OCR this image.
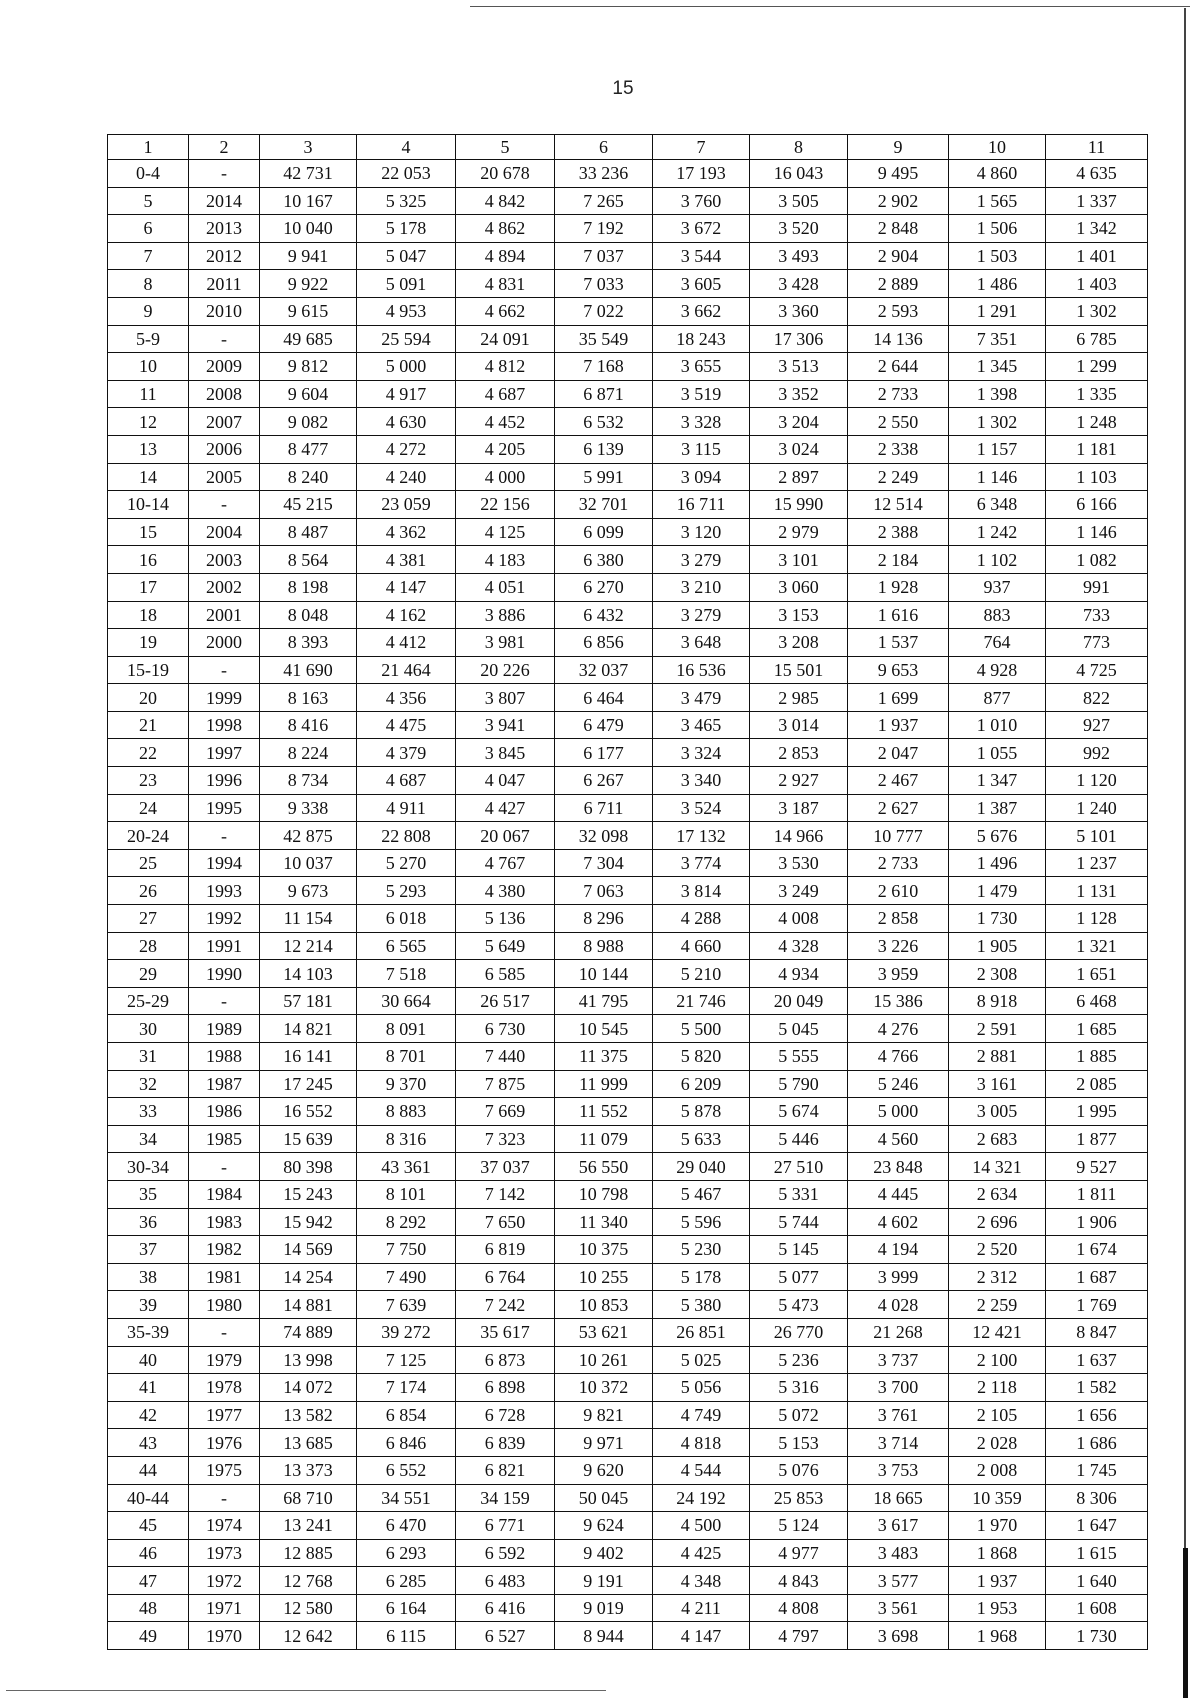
15
1	2	3	4	5	6	7	8	9	10	11
0-4	-	42 731	22 053	20 678	33 236	17 193	16 043	9 495	4 860	4 635
5	2014	10 167	5 325	4 842	7 265	3 760	3 505	2 902	1 565	1 337
6	2013	10 040	5 178	4 862	7 192	3 672	3 520	2 848	1 506	1 342
7	2012	9 941	5 047	4 894	7 037	3 544	3 493	2 904	1 503	1 401
8	2011	9 922	5 091	4 831	7 033	3 605	3 428	2 889	1 486	1 403
9	2010	9 615	4 953	4 662	7 022	3 662	3 360	2 593	1 291	1 302
5-9	-	49 685	25 594	24 091	35 549	18 243	17 306	14 136	7 351	6 785
10	2009	9 812	5 000	4 812	7 168	3 655	3 513	2 644	1 345	1 299
11	2008	9 604	4 917	4 687	6 871	3 519	3 352	2 733	1 398	1 335
12	2007	9 082	4 630	4 452	6 532	3 328	3 204	2 550	1 302	1 248
13	2006	8 477	4 272	4 205	6 139	3 115	3 024	2 338	1 157	1 181
14	2005	8 240	4 240	4 000	5 991	3 094	2 897	2 249	1 146	1 103
10-14	-	45 215	23 059	22 156	32 701	16 711	15 990	12 514	6 348	6 166
15	2004	8 487	4 362	4 125	6 099	3 120	2 979	2 388	1 242	1 146
16	2003	8 564	4 381	4 183	6 380	3 279	3 101	2 184	1 102	1 082
17	2002	8 198	4 147	4 051	6 270	3 210	3 060	1 928	937	991
18	2001	8 048	4 162	3 886	6 432	3 279	3 153	1 616	883	733
19	2000	8 393	4 412	3 981	6 856	3 648	3 208	1 537	764	773
15-19	-	41 690	21 464	20 226	32 037	16 536	15 501	9 653	4 928	4 725
20	1999	8 163	4 356	3 807	6 464	3 479	2 985	1 699	877	822
21	1998	8 416	4 475	3 941	6 479	3 465	3 014	1 937	1 010	927
22	1997	8 224	4 379	3 845	6 177	3 324	2 853	2 047	1 055	992
23	1996	8 734	4 687	4 047	6 267	3 340	2 927	2 467	1 347	1 120
24	1995	9 338	4 911	4 427	6 711	3 524	3 187	2 627	1 387	1 240
20-24	-	42 875	22 808	20 067	32 098	17 132	14 966	10 777	5 676	5 101
25	1994	10 037	5 270	4 767	7 304	3 774	3 530	2 733	1 496	1 237
26	1993	9 673	5 293	4 380	7 063	3 814	3 249	2 610	1 479	1 131
27	1992	11 154	6 018	5 136	8 296	4 288	4 008	2 858	1 730	1 128
28	1991	12 214	6 565	5 649	8 988	4 660	4 328	3 226	1 905	1 321
29	1990	14 103	7 518	6 585	10 144	5 210	4 934	3 959	2 308	1 651
25-29	-	57 181	30 664	26 517	41 795	21 746	20 049	15 386	8 918	6 468
30	1989	14 821	8 091	6 730	10 545	5 500	5 045	4 276	2 591	1 685
31	1988	16 141	8 701	7 440	11 375	5 820	5 555	4 766	2 881	1 885
32	1987	17 245	9 370	7 875	11 999	6 209	5 790	5 246	3 161	2 085
33	1986	16 552	8 883	7 669	11 552	5 878	5 674	5 000	3 005	1 995
34	1985	15 639	8 316	7 323	11 079	5 633	5 446	4 560	2 683	1 877
30-34	-	80 398	43 361	37 037	56 550	29 040	27 510	23 848	14 321	9 527
35	1984	15 243	8 101	7 142	10 798	5 467	5 331	4 445	2 634	1 811
36	1983	15 942	8 292	7 650	11 340	5 596	5 744	4 602	2 696	1 906
37	1982	14 569	7 750	6 819	10 375	5 230	5 145	4 194	2 520	1 674
38	1981	14 254	7 490	6 764	10 255	5 178	5 077	3 999	2 312	1 687
39	1980	14 881	7 639	7 242	10 853	5 380	5 473	4 028	2 259	1 769
35-39	-	74 889	39 272	35 617	53 621	26 851	26 770	21 268	12 421	8 847
40	1979	13 998	7 125	6 873	10 261	5 025	5 236	3 737	2 100	1 637
41	1978	14 072	7 174	6 898	10 372	5 056	5 316	3 700	2 118	1 582
42	1977	13 582	6 854	6 728	9 821	4 749	5 072	3 761	2 105	1 656
43	1976	13 685	6 846	6 839	9 971	4 818	5 153	3 714	2 028	1 686
44	1975	13 373	6 552	6 821	9 620	4 544	5 076	3 753	2 008	1 745
40-44	-	68 710	34 551	34 159	50 045	24 192	25 853	18 665	10 359	8 306
45	1974	13 241	6 470	6 771	9 624	4 500	5 124	3 617	1 970	1 647
46	1973	12 885	6 293	6 592	9 402	4 425	4 977	3 483	1 868	1 615
47	1972	12 768	6 285	6 483	9 191	4 348	4 843	3 577	1 937	1 640
48	1971	12 580	6 164	6 416	9 019	4 211	4 808	3 561	1 953	1 608
49	1970	12 642	6 115	6 527	8 944	4 147	4 797	3 698	1 968	1 730
